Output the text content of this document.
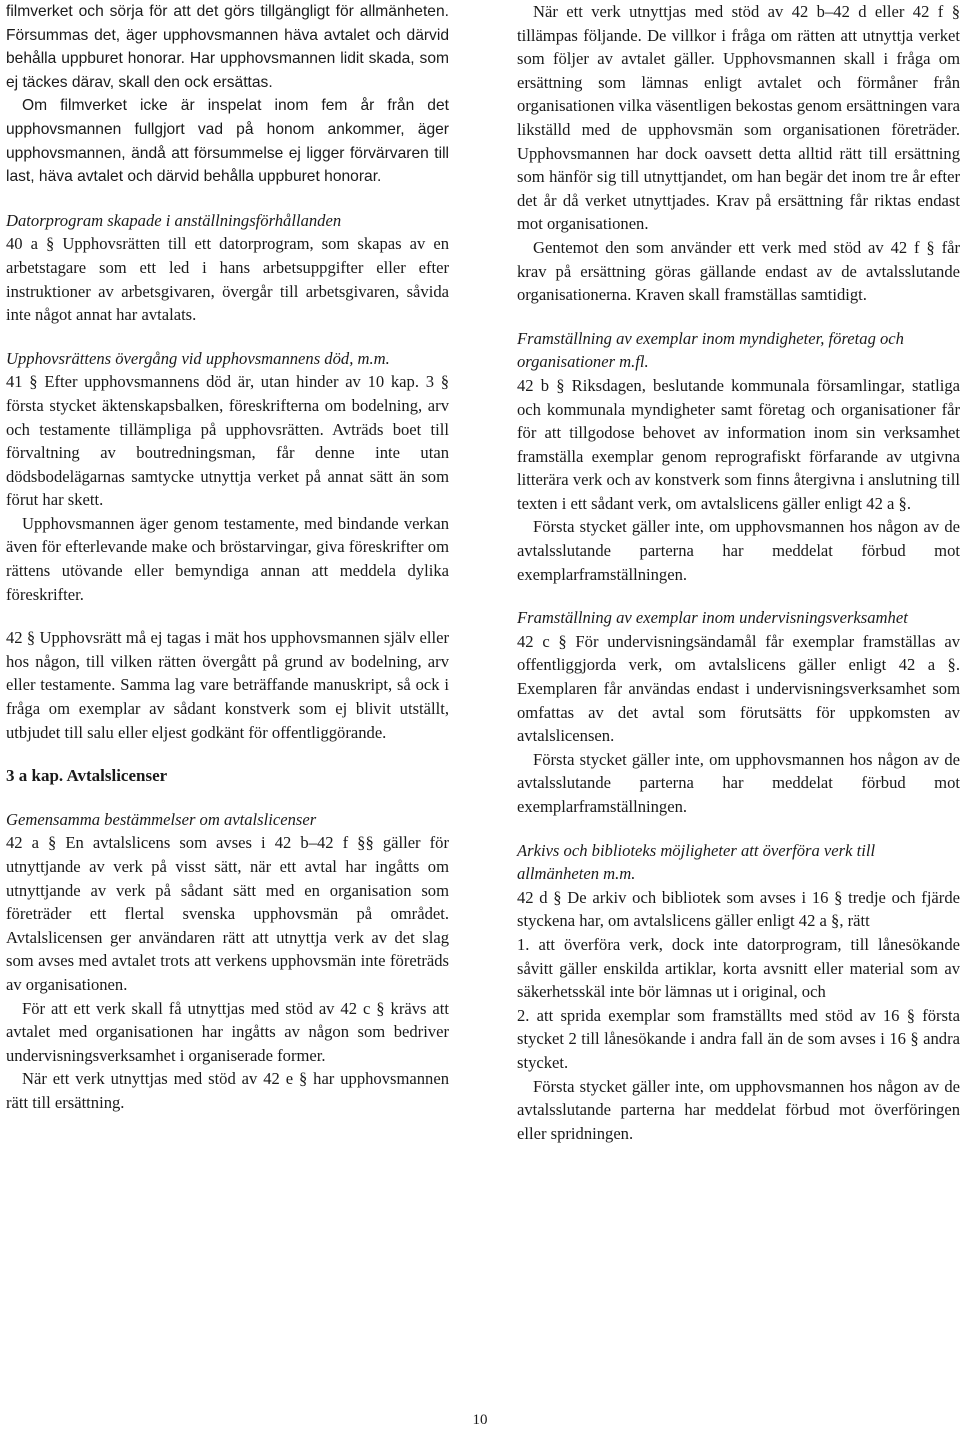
filmverket och sörja för att det görs tillgängligt för allmänheten. Försummas det, äger upphovsmannen häva avtalet och därvid behålla uppburet honorar. Har upphovsmannen lidit skada, som ej täckes därav, skall den ock ersättas.

Om filmverket icke är inspelat inom fem år från det upphovsmannen fullgjort vad på honom ankommer, äger upphovsmannen, ändå att försummelse ej ligger förvärvaren till last, häva avtalet och därvid behålla uppburet honorar.

Datorprogram skapade i anställningsförhållanden

40 a § Upphovsrätten till ett datorprogram, som skapas av en arbetstagare som ett led i hans arbetsuppgifter eller efter instruktioner av arbetsgivaren, övergår till arbetsgivaren, såvida inte något annat har avtalats.

Upphovsrättens övergång vid upphovsmannens död, m.m.

41 § Efter upphovsmannens död är, utan hinder av 10 kap. 3 § första stycket äktenskapsbalken, föreskrifterna om bodelning, arv och testamente tillämpliga på upphovsrätten. Avträds boet till förvaltning av boutredningsman, får denne inte utan dödsbodelägarnas samtycke utnyttja verket på annat sätt än som förut har skett.

Upphovsmannen äger genom testamente, med bindande verkan även för efterlevande make och bröstarvingar, giva föreskrifter om rättens utövande eller bemyndiga annan att meddela dylika föreskrifter.

42 § Upphovsrätt må ej tagas i mät hos upphovsmannen själv eller hos någon, till vilken rätten övergått på grund av bodelning, arv eller testamente. Samma lag vare beträffande manuskript, så ock i fråga om exemplar av sådant konstverk som ej blivit utställt, utbjudet till salu eller eljest godkänt för offentliggörande.

3 a kap. Avtalslicenser
Gemensamma bestämmelser om avtalslicenser

42 a § En avtalslicens som avses i 42 b–42 f §§ gäller för utnyttjande av verk på visst sätt, när ett avtal har ingåtts om utnyttjande av verk på sådant sätt med en organisation som företräder ett flertal svenska upphovsmän på området. Avtalslicensen ger användaren rätt att utnyttja verk av det slag som avses med avtalet trots att verkens upphovsmän inte företräds av organisationen.

För att ett verk skall få utnyttjas med stöd av 42 c § krävs att avtalet med organisationen har ingåtts av någon som bedriver undervisningsverksamhet i organiserade former.

När ett verk utnyttjas med stöd av 42 e § har upphovsmannen rätt till ersättning.

När ett verk utnyttjas med stöd av 42 b–42 d eller 42 f § tillämpas följande. De villkor i fråga om rätten att utnyttja verket som följer av avtalet gäller. Upphovsmannen skall i fråga om ersättning som lämnas enligt avtalet och förmåner från organisationen vilka väsentligen bekostas genom ersättningen vara likställd med de upphovsmän som organisationen företräder. Upphovsmannen har dock oavsett detta alltid rätt till ersättning som hänför sig till utnyttjandet, om han begär det inom tre år efter det år då verket utnyttjades. Krav på ersättning får riktas endast mot organisationen.

Gentemot den som använder ett verk med stöd av 42 f § får krav på ersättning göras gällande endast av de avtalsslutande organisationerna. Kraven skall framställas samtidigt.

Framställning av exemplar inom myndigheter, företag och organisationer m.fl.

42 b § Riksdagen, beslutande kommunala församlingar, statliga och kommunala myndigheter samt företag och organisationer får för att tillgodose behovet av information inom sin verksamhet framställa exemplar genom reprografiskt förfarande av utgivna litterära verk och av konstverk som finns återgivna i anslutning till texten i ett sådant verk, om avtalslicens gäller enligt 42 a §.

Första stycket gäller inte, om upphovsmannen hos någon av de avtalsslutande parterna har meddelat förbud mot exemplarframställningen.

Framställning av exemplar inom undervisningsverksamhet

42 c § För undervisningsändamål får exemplar framställas av offentliggjorda verk, om avtalslicens gäller enligt 42 a §. Exemplaren får användas endast i undervisningsverksamhet som omfattas av det avtal som förutsätts för uppkomsten av avtalslicensen.

Första stycket gäller inte, om upphovsmannen hos någon av de avtalsslutande parterna har meddelat förbud mot exemplarframställningen.

Arkivs och biblioteks möjligheter att överföra verk till allmänheten m.m.

42 d § De arkiv och bibliotek som avses i 16 § tredje och fjärde styckena har, om avtalslicens gäller enligt 42 a §, rätt

1. att överföra verk, dock inte datorprogram, till lånesökande såvitt gäller enskilda artiklar, korta avsnitt eller material som av säkerhetsskäl inte bör lämnas ut i original, och

2. att sprida exemplar som framställts med stöd av 16 § första stycket 2 till lånesökande i andra fall än de som avses i 16 § andra stycket.

Första stycket gäller inte, om upphovsmannen hos någon av de avtalsslutande parterna har meddelat förbud mot överföringen eller spridningen.

10
